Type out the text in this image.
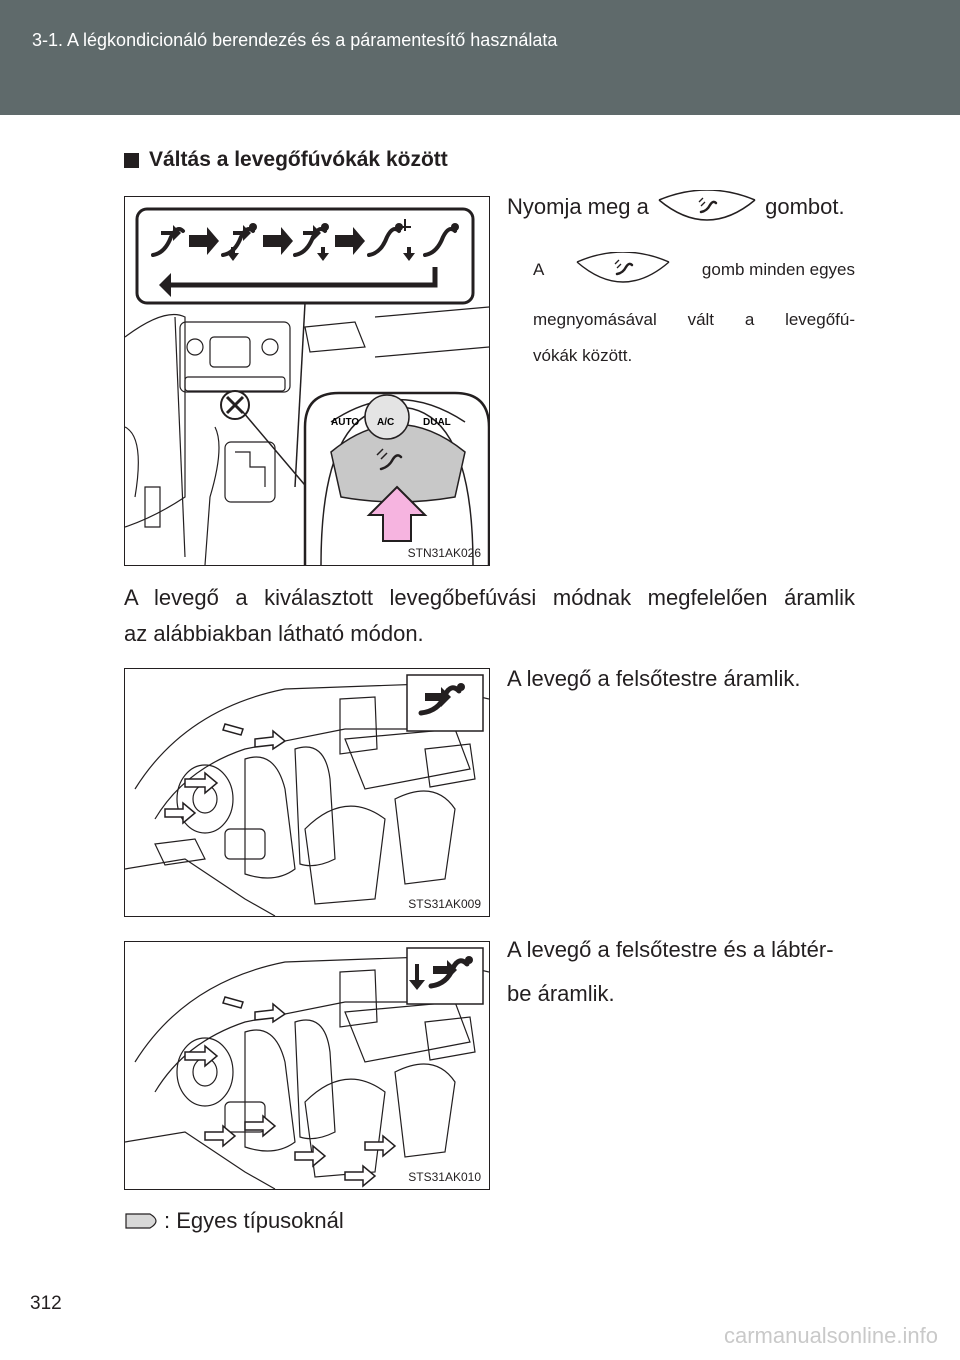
3-1. A légkondicionáló berendezés és a páramentesítő használata
Váltás a levegőfúvókák között
AUTO A/C	DUAL
STN31AK026
Nyomja meg a	gombot.
A	gomb minden egyes
megnyomásával vált a levegőfú-
vókák között.
A levegő a kiválasztott levegőbefúvási módnak megfelelően áramlik
az alábbiakban látható módon.
STS31AK009
A levegő a felsőtestre áramlik.
STS31AK010
A levegő a felsőtestre és a lábtér-
be áramlik.
: Egyes típusoknál
312
carmanualsonline.info
